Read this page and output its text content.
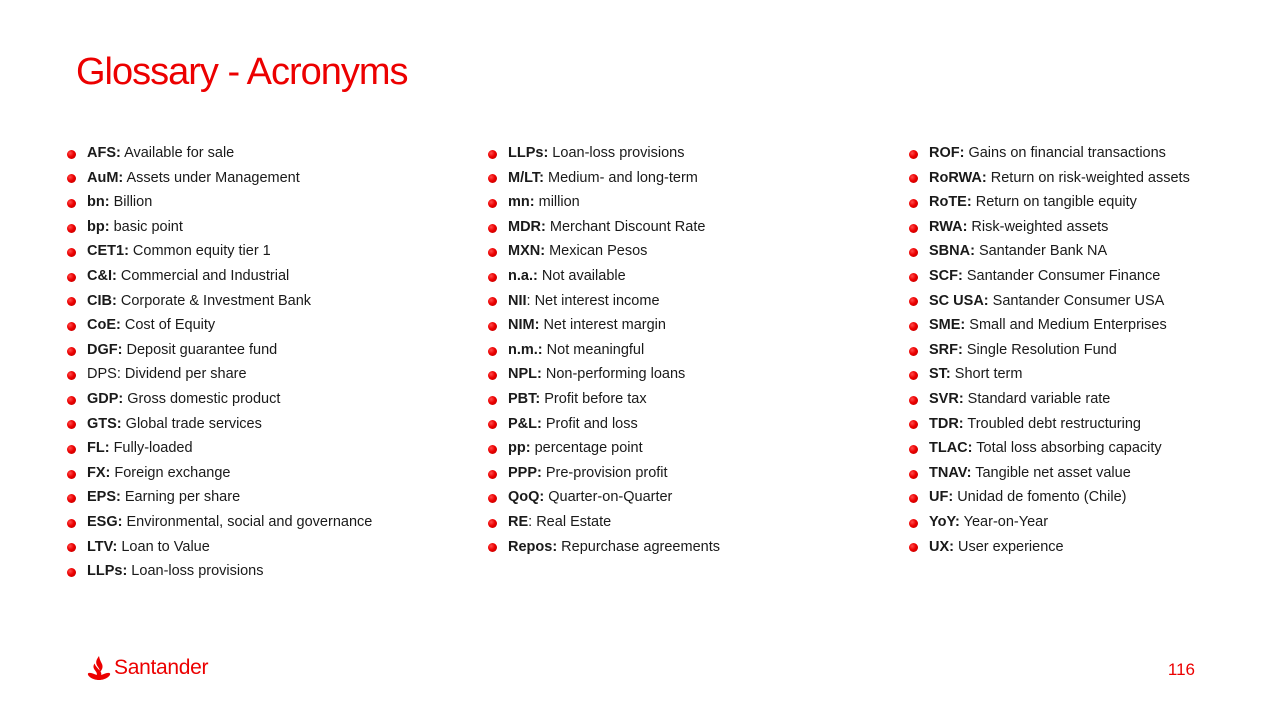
Glossary - Acronyms
AFS: Available for sale
AuM: Assets under Management
bn: Billion
bp: basic point
CET1: Common equity tier 1
C&I: Commercial and Industrial
CIB: Corporate & Investment Bank
CoE: Cost of Equity
DGF: Deposit guarantee fund
DPS: Dividend per share
GDP: Gross domestic product
GTS: Global trade services
FL: Fully-loaded
FX: Foreign exchange
EPS: Earning per share
ESG: Environmental, social and governance
LTV: Loan to Value
LLPs: Loan-loss provisions
LLPs: Loan-loss provisions
M/LT: Medium- and long-term
mn: million
MDR: Merchant Discount Rate
MXN: Mexican Pesos
n.a.: Not available
NII: Net interest income
NIM: Net interest margin
n.m.: Not meaningful
NPL: Non-performing loans
PBT: Profit before tax
P&L: Profit and loss
pp: percentage point
PPP: Pre-provision profit
QoQ: Quarter-on-Quarter
RE: Real Estate
Repos: Repurchase agreements
ROF: Gains on financial transactions
RoRWA: Return on risk-weighted assets
RoTE: Return on tangible equity
RWA: Risk-weighted assets
SBNA: Santander Bank NA
SCF: Santander Consumer Finance
SC USA: Santander Consumer USA
SME: Small and Medium Enterprises
SRF: Single Resolution Fund
ST: Short term
SVR: Standard variable rate
TDR: Troubled debt restructuring
TLAC: Total loss absorbing capacity
TNAV: Tangible net asset value
UF: Unidad de fomento (Chile)
YoY: Year-on-Year
UX: User experience
Santander	116
